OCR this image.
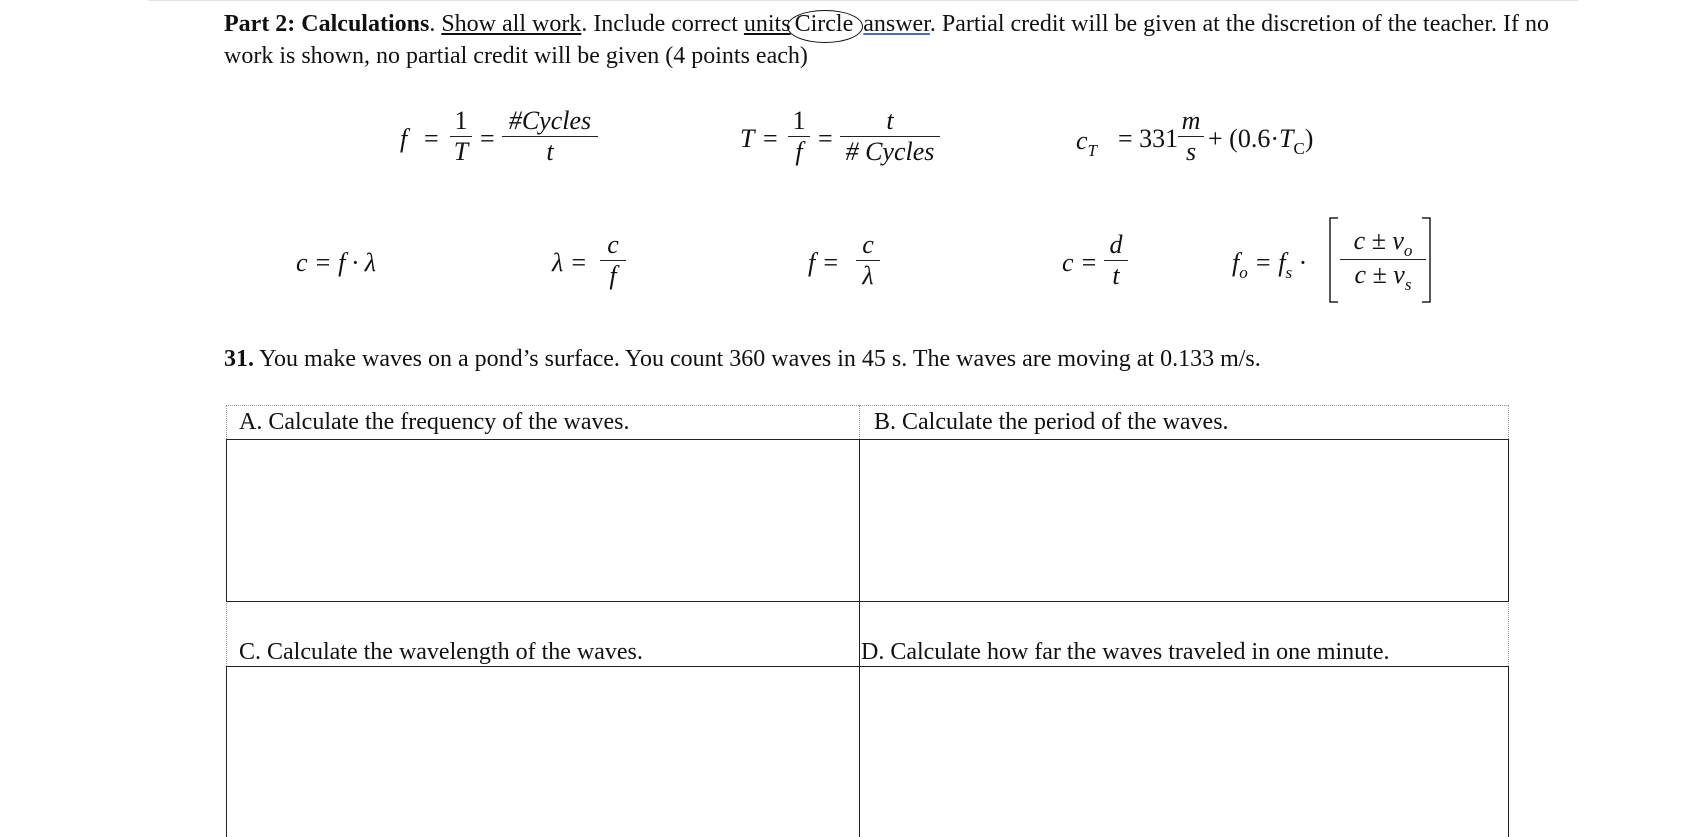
Part 2: Calculations. Show all work. Include correct units Circle answer. Partial credit will be given at the discretion of the teacher. If no work is shown, no partial credit will be given (4 points each)
$f = \frac{1}{T}$ =
#Cycles
t	$T = \frac{1}{f}$ =
t
# Cycles	$c_T = 331 \frac{m}{s} + (0.6\cdot T_C)$
c = f · λ	$\lambda = \frac{c}{f}$	$f = \frac{c}{\lambda}$	$c = \frac{d}{t}$	$f_o = f_s \cdot \frac{c \pm v_o}{c \pm v_s}$
31. You make waves on a pond’s surface. You count 360 waves in 45 s. The waves are moving at 0.133 m/s.
A. Calculate the frequency of the waves.	B. Calculate the period of the waves.
C. Calculate the wavelength of the waves.	D. Calculate how far the waves traveled in one minute.
